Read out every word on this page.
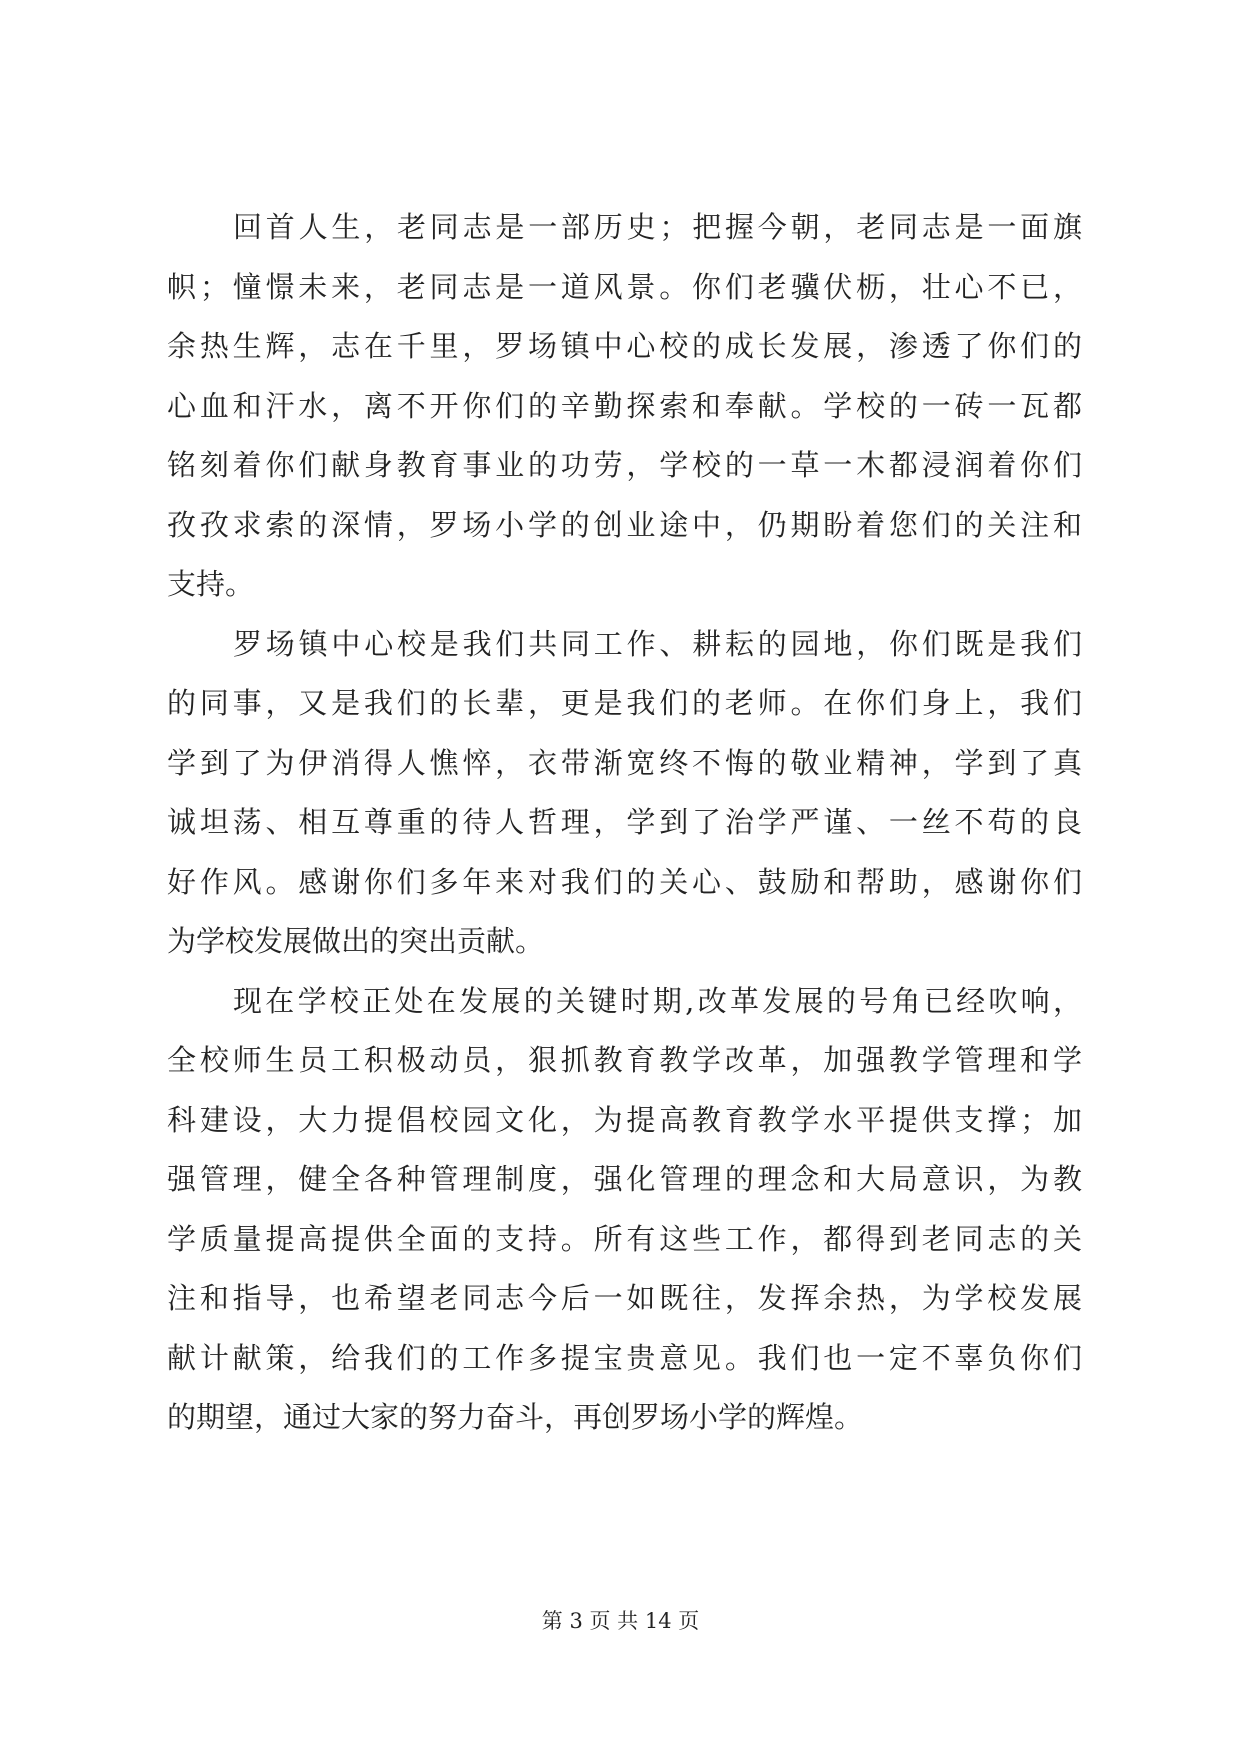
回首人生，老同志是一部历史；把握今朝，老同志是一面旗
帜；憧憬未来，老同志是一道风景。你们老骥伏枥，壮心不已，
余热生辉，志在千里，罗场镇中心校的成长发展，渗透了你们的
心血和汗水，离不开你们的辛勤探索和奉献。学校的一砖一瓦都
铭刻着你们献身教育事业的功劳，学校的一草一木都浸润着你们
孜孜求索的深情，罗场小学的创业途中，仍期盼着您们的关注和
支持。

罗场镇中心校是我们共同工作、耕耘的园地，你们既是我们
的同事，又是我们的长辈，更是我们的老师。在你们身上，我们
学到了为伊消得人憔悴，衣带渐宽终不悔的敬业精神，学到了真
诚坦荡、相互尊重的待人哲理，学到了治学严谨、一丝不苟的良
好作风。感谢你们多年来对我们的关心、鼓励和帮助，感谢你们
为学校发展做出的突出贡献。

现在学校正处在发展的关键时期,改革发展的号角已经吹响，
全校师生员工积极动员，狠抓教育教学改革，加强教学管理和学
科建设，大力提倡校园文化，为提高教育教学水平提供支撑；加
强管理，健全各种管理制度，强化管理的理念和大局意识，为教
学质量提高提供全面的支持。所有这些工作，都得到老同志的关
注和指导，也希望老同志今后一如既往，发挥余热，为学校发展
献计献策，给我们的工作多提宝贵意见。我们也一定不辜负你们
的期望，通过大家的努力奋斗，再创罗场小学的辉煌。

第 3 页 共 14 页
